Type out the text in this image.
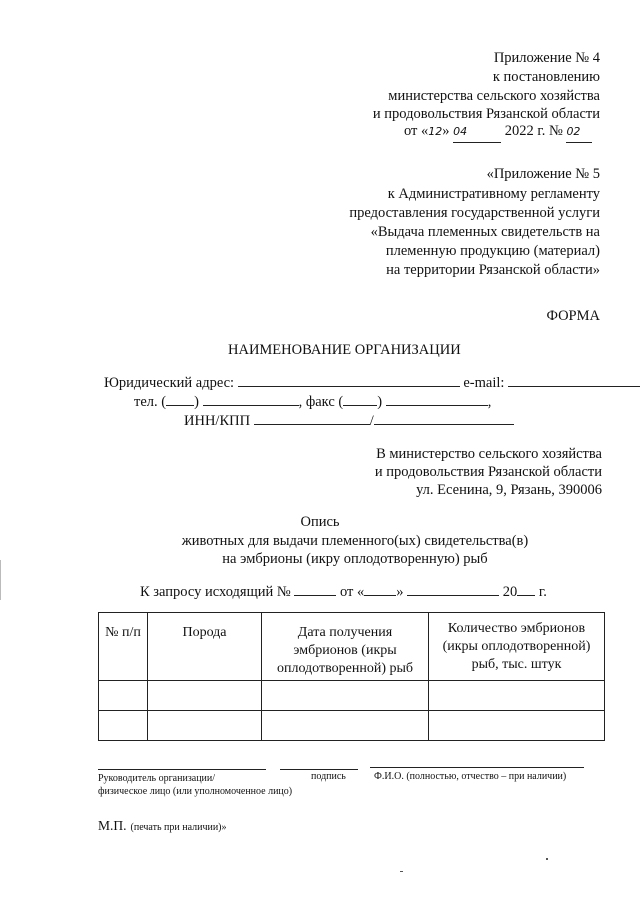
Приложение № 4
к постановлению
министерства сельского хозяйства
и продовольствия Рязанской области
от «12» 04	2022 г. № 02
«Приложение № 5
к Административному регламенту
предоставления государственной услуги
«Выдача племенных свидетельств на
племенную продукцию (материал)
на территории Рязанской области»
ФОРМА
НАИМЕНОВАНИЕ ОРГАНИЗАЦИИ
Юридический адрес:	e-mail:
тел. ( )	, факс ( )	,
ИНН/КПП	/
В министерство сельского хозяйства
и продовольствия Рязанской области
ул. Есенина, 9, Рязань, 390006
Опись
животных для выдачи племенного(ых) свидетельства(в)
на эмбрионы (икру оплодотворенную) рыб
К запросу исходящий №	от « »	20 г.
№ п/п	Порода	Дата получения эмбрионов (икры оплодотворенной) рыб	Количество эмбрионов (икры оплодотворенной) рыб, тыс. штук

Руководитель организации/	подпись	Ф.И.О. (полностью, отчество – при наличии)
физическое лицо (или уполномоченное лицо)
М.П. (печать при наличии)»
